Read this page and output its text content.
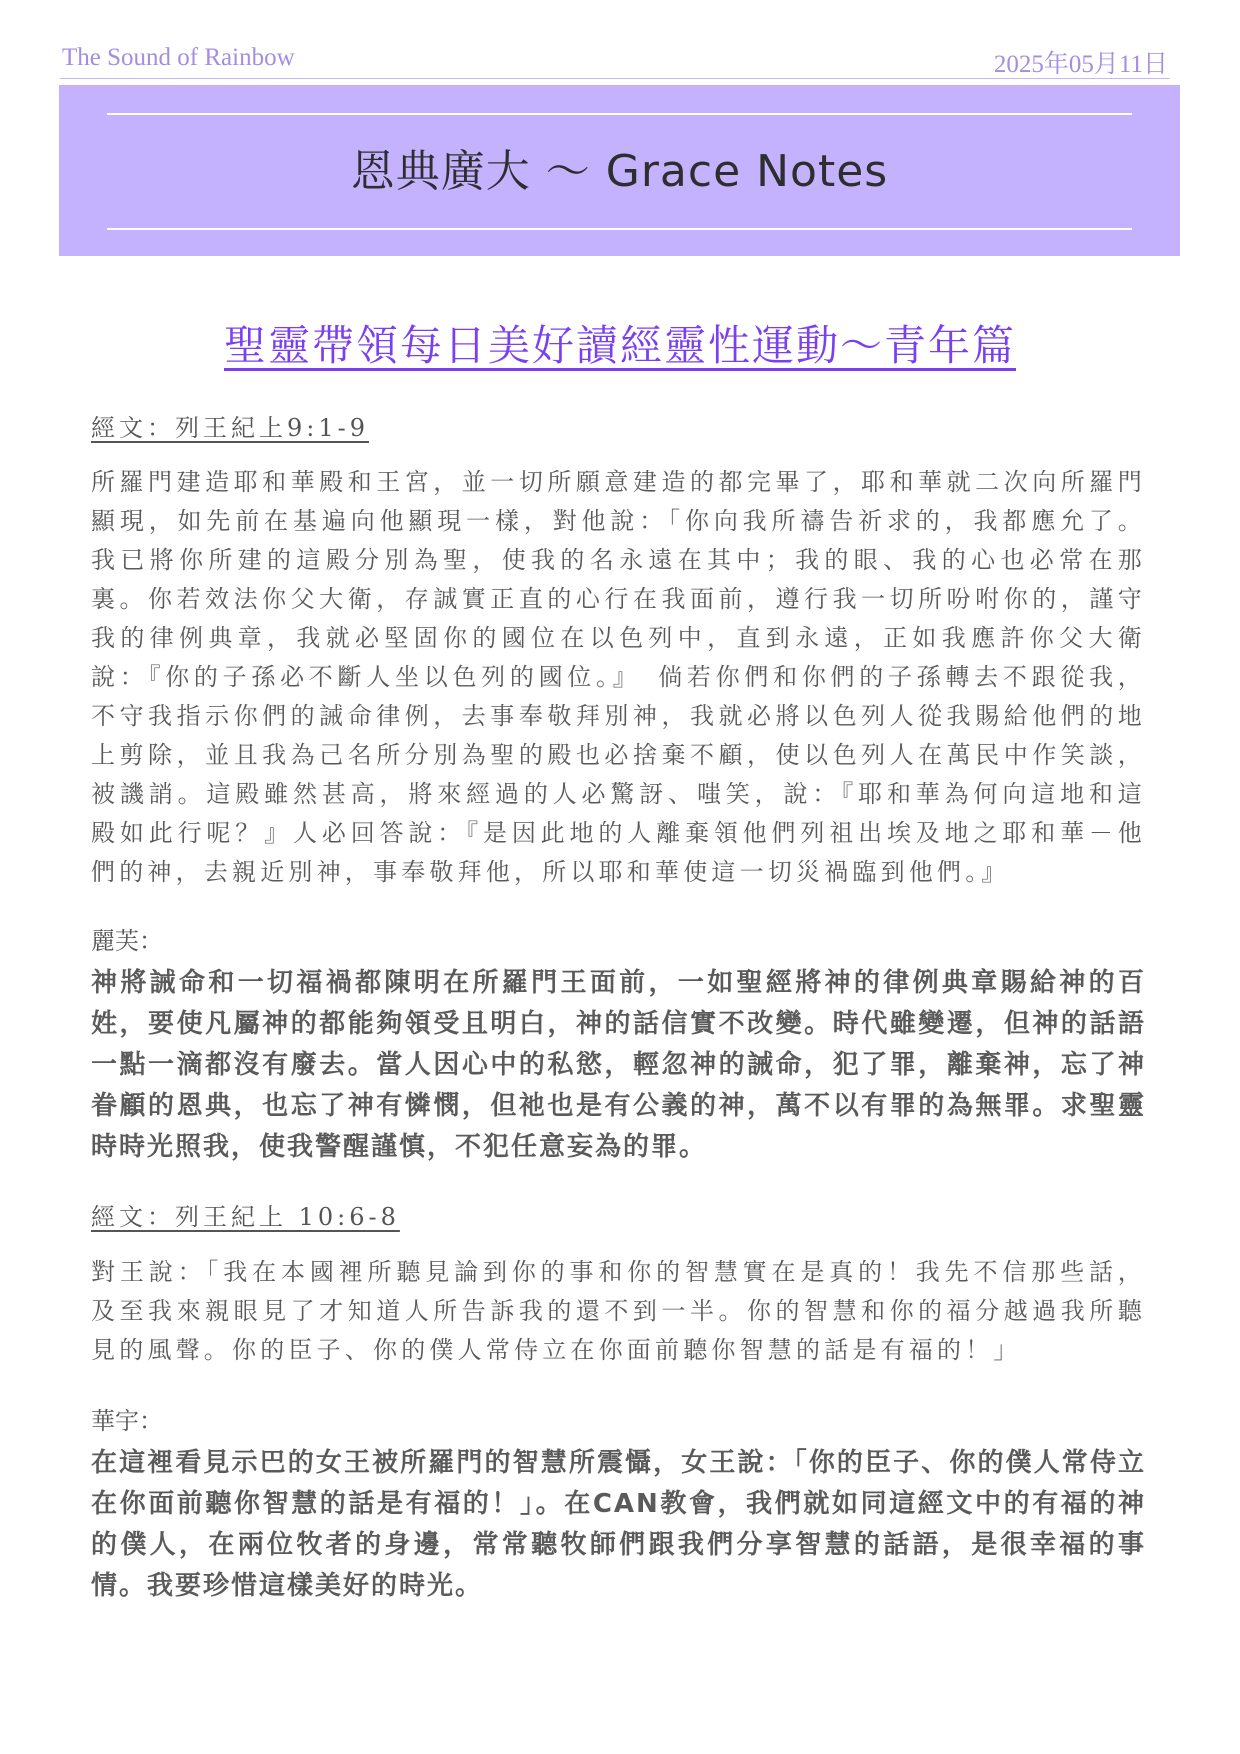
The Sound of Rainbow	2025年05月11日
恩典廣大 ～ Grace Notes
聖靈帶領每日美好讀經靈性運動～青年篇
經文：列王紀上9:1-9
所羅門建造耶和華殿和王宮，並一切所願意建造的都完畢了，耶和華就二次向所羅門顯現，如先前在基遍向他顯現一樣，對他說：「你向我所禱告祈求的，我都應允了。我已將你所建的這殿分別為聖，使我的名永遠在其中；我的眼、我的心也必常在那裏。你若效法你父大衛，存誠實正直的心行在我面前，遵行我一切所吩咐你的，謹守我的律例典章，我就必堅固你的國位在以色列中，直到永遠，正如我應許你父大衛說：『你的子孫必不斷人坐以色列的國位。』　倘若你們和你們的子孫轉去不跟從我，不守我指示你們的誡命律例，去事奉敬拜別神，我就必將以色列人從我賜給他們的地上剪除，並且我為己名所分別為聖的殿也必捨棄不顧，使以色列人在萬民中作笑談，被譏誚。這殿雖然甚高，將來經過的人必驚訝、嗤笑，說：『耶和華為何向這地和這殿如此行呢？』人必回答說：『是因此地的人離棄領他們列祖出埃及地之耶和華－他們的神，去親近別神，事奉敬拜他，所以耶和華使這一切災禍臨到他們。』
麗芙：
神將誡命和一切福禍都陳明在所羅門王面前，一如聖經將神的律例典章賜給神的百姓，要使凡屬神的都能夠領受且明白，神的話信實不改變。時代雖變遷，但神的話語一點一滴都沒有廢去。當人因心中的私慾，輕忽神的誡命，犯了罪，離棄神，忘了神眷顧的恩典，也忘了神有憐憫，但祂也是有公義的神，萬不以有罪的為無罪。求聖靈時時光照我，使我警醒謹慎，不犯任意妄為的罪。
經文：列王紀上 10:6-8
對王說：「我在本國裡所聽見論到你的事和你的智慧實在是真的！我先不信那些話，及至我來親眼見了才知道人所告訴我的還不到一半。你的智慧和你的福分越過我所聽見的風聲。你的臣子、你的僕人常侍立在你面前聽你智慧的話是有福的！」
華宇：
在這裡看見示巴的女王被所羅門的智慧所震懾，女王說：「你的臣子、你的僕人常侍立在你面前聽你智慧的話是有福的！」。在CAN教會，我們就如同這經文中的有福的神的僕人，在兩位牧者的身邊，常常聽牧師們跟我們分享智慧的話語，是很幸福的事情。我要珍惜這樣美好的時光。
